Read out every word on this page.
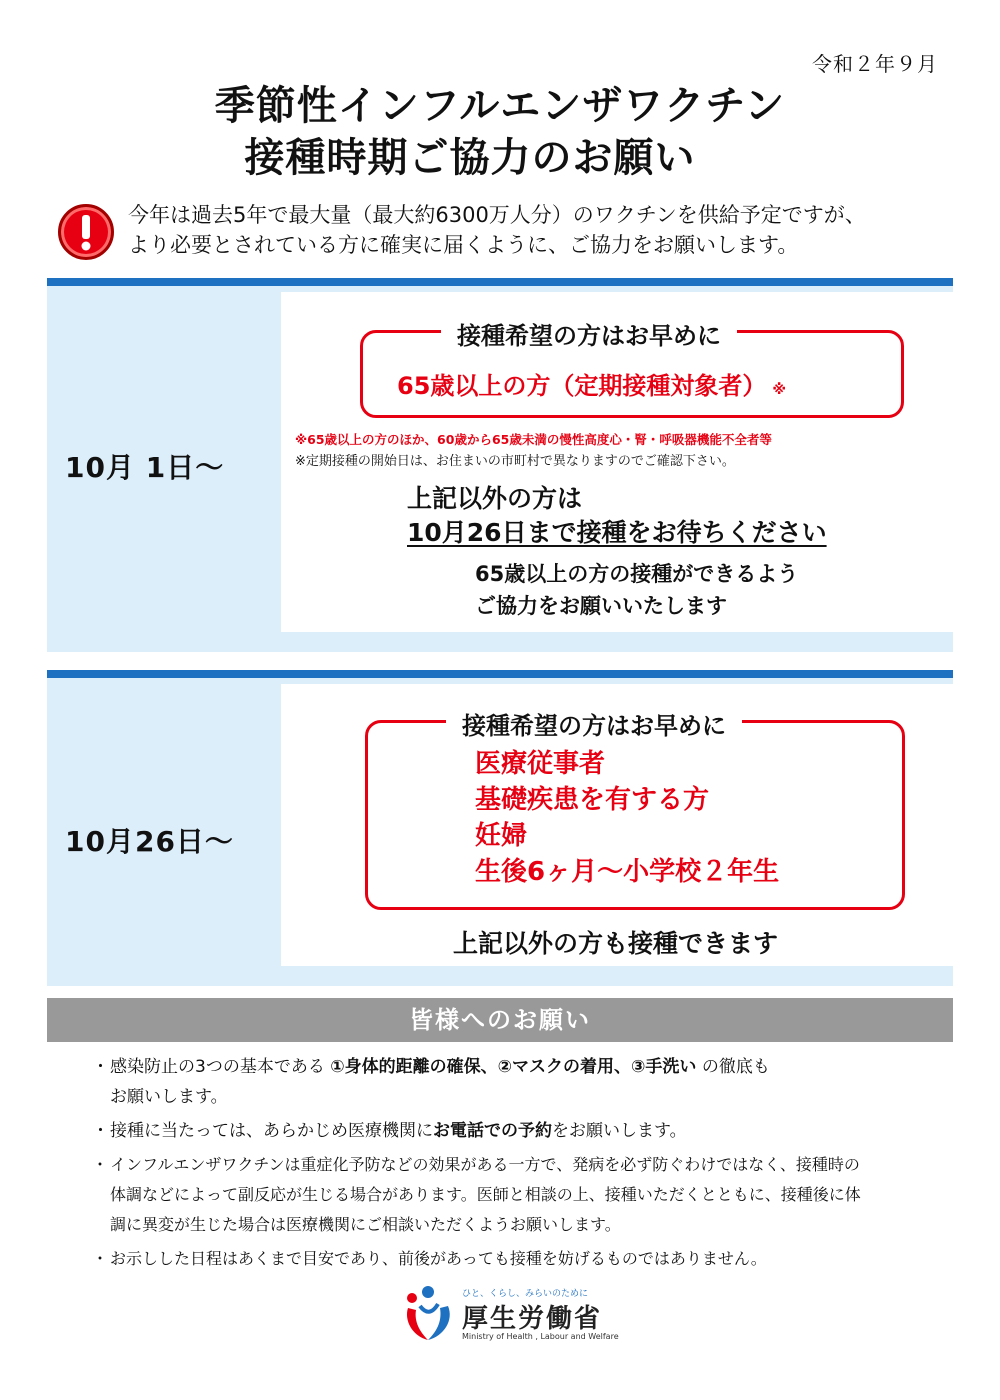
令和２年９月
季節性インフルエンザワクチン
接種時期ご協力のお願い
今年は過去5年で最大量（最大約6300万人分）のワクチンを供給予定ですが、
より必要とされている方に確実に届くように、ご協力をお願いします。
10月 1日～
接種希望の方はお早めに
65歳以上の方（定期接種対象者） ※
※65歳以上の方のほか、60歳から65歳未満の慢性高度心・腎・呼吸器機能不全者等
※定期接種の開始日は、お住まいの市町村で異なりますのでご確認下さい。
上記以外の方は
10月26日まで接種をお待ちください
65歳以上の方の接種ができるよう
ご協力をお願いいたします
10月26日～
接種希望の方はお早めに
医療従事者
基礎疾患を有する方
妊婦
生後6ヶ月～小学校２年生
上記以外の方も接種できます
皆様へのお願い
・ 感染防止の3つの基本である ①身体的距離の確保、②マスクの着用、③手洗い の徹底も
お願いします。
・ 接種に当たっては、あらかじめ医療機関にお電話での予約をお願いします。
・ インフルエンザワクチンは重症化予防などの効果がある一方で、発病を必ず防ぐわけではなく、接種時の
体調などによって副反応が生じる場合があります。医師と相談の上、接種いただくとともに、接種後に体
調に異変が生じた場合は医療機関にご相談いただくようお願いします。
・ お示しした日程はあくまで目安であり、前後があっても接種を妨げるものではありません。
ひと、くらし、みらいのために
厚生労働省
Ministry of Health , Labour and Welfare
